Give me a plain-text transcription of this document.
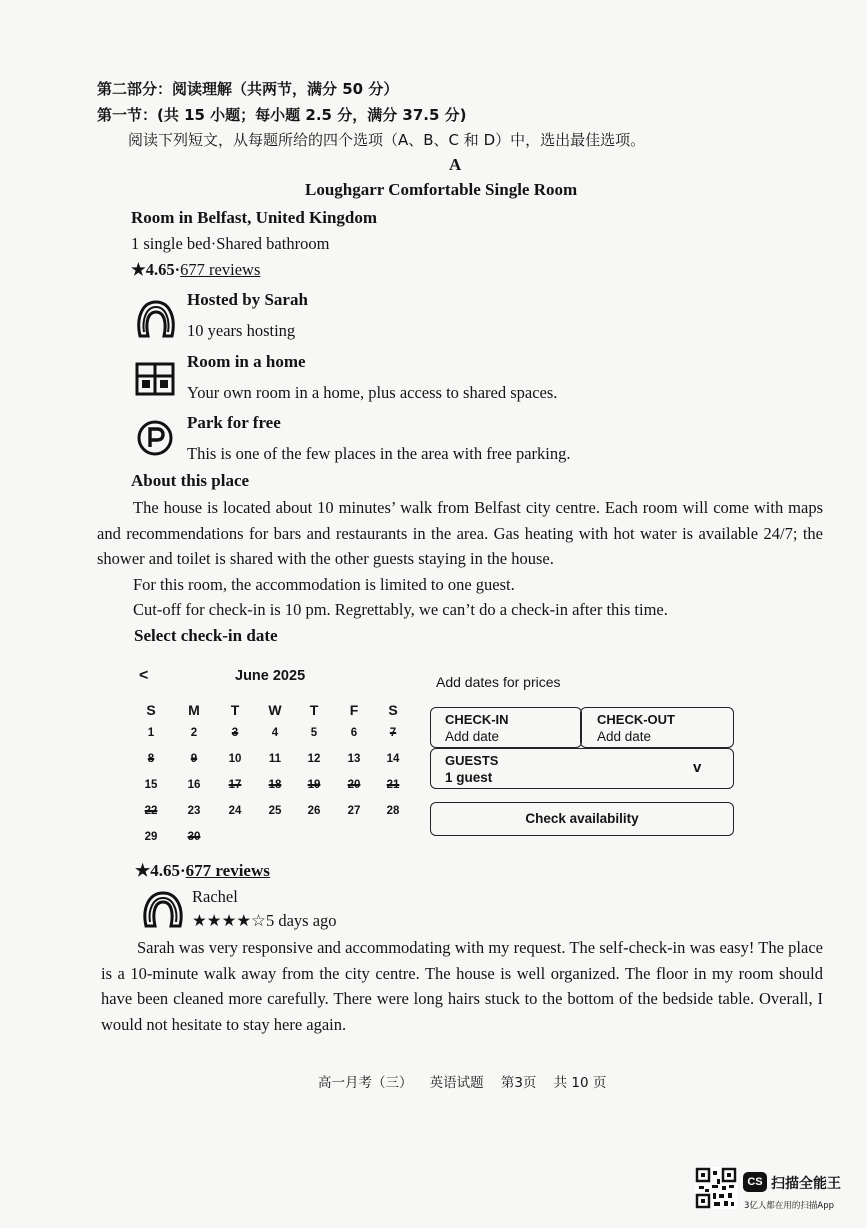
第二部分：阅读理解（共两节，满分 50 分）
第一节：(共 15 小题；每小题 2.5 分，满分 37.5 分)
阅读下列短文，从每题所给的四个选项（A、B、C 和 D）中，选出最佳选项。
A
Loughgarr Comfortable Single Room
Room in Belfast, United Kingdom
1 single bed·Shared bathroom
★4.65·677 reviews
Hosted by Sarah
10 years hosting
Room in a home
Your own room in a home, plus access to shared spaces.
Park for free
This is one of the few places in the area with free parking.
About this place

The house is located about 10 minutes’ walk from Belfast city centre. Each room will come with maps and recommendations for bars and restaurants in the area. Gas heating with hot water is available 24/7; the shower and toilet is shared with the other guests staying in the house.

For this room, the accommodation is limited to one guest.

Cut-off for check-in is 10 pm. Regrettably, we can’t do a check-in after this time.

Select check-in date
<	June 2025
S	M	T	W	T	F	S
1	2	3	4	5	6	7
8	9	10	11	12	13	14
15	16	17	18	19	20	21
22	23	24	25	26	27	28
29	30
Add dates for prices
CHECK-IN
Add date
CHECK-OUT
Add date
GUESTS
1 guest
v
Check availability
★4.65·677 reviews
Rachel
★★★★☆5 days ago

Sarah was very responsive and accommodating with my request. The self-check-in was easy! The place is a 10-minute walk away from the city centre. The house is well organized. The floor in my room should have been cleaned more carefully. There were long hairs stuck to the bottom of the bedside table. Overall, I would not hesitate to stay here again.

高一月考（三）    英语试题    第3页    共 10 页
CS 扫描全能王
3亿人都在用的扫描App
